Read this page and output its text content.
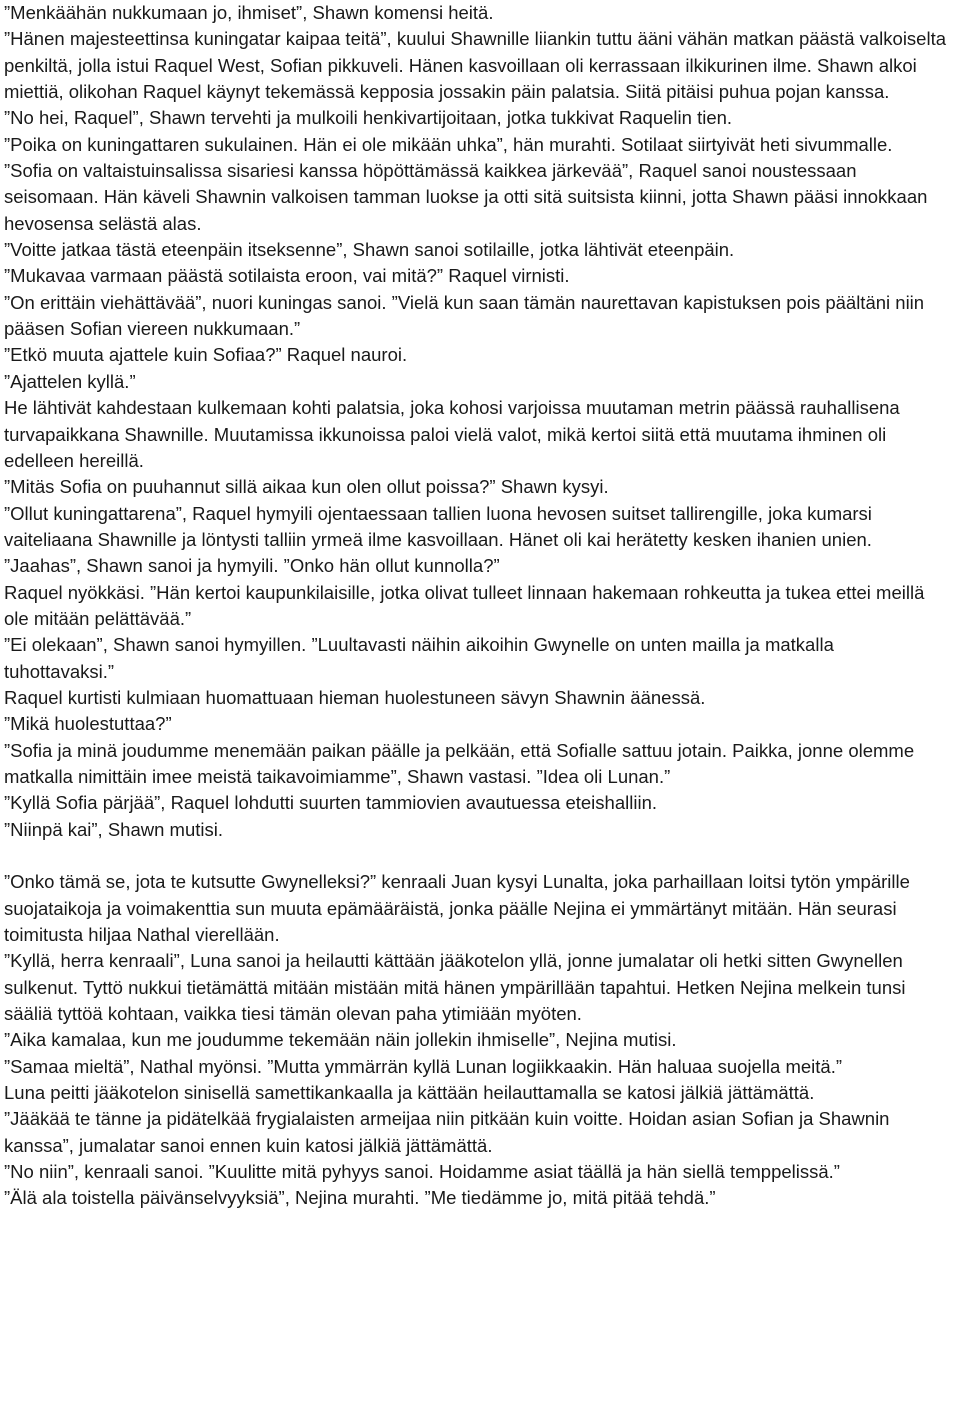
”Menkäähän nukkumaan jo, ihmiset”, Shawn komensi heitä.

”Hänen majesteettinsa kuningatar kaipaa teitä”, kuului Shawnille liiankin tuttu ääni vähän matkan päästä valkoiselta penkiltä, jolla istui Raquel West, Sofian pikkuveli. Hänen kasvoillaan oli kerrassaan ilkikurinen ilme. Shawn alkoi miettiä, olikohan Raquel käynyt tekemässä kepposia jossakin päin palatsia. Siitä pitäisi puhua pojan kanssa.

”No hei, Raquel”, Shawn tervehti ja mulkoili henkivartijoitaan, jotka tukkivat Raquelin tien.

”Poika on kuningattaren sukulainen. Hän ei ole mikään uhka”, hän murahti. Sotilaat siirtyivät heti sivummalle.

”Sofia on valtaistuinsalissa sisariesi kanssa höpöttämässä kaikkea järkevää”, Raquel sanoi noustessaan seisomaan. Hän käveli Shawnin valkoisen tamman luokse ja otti sitä suitsista kiinni, jotta Shawn pääsi innokkaan hevosensa selästä alas.

”Voitte jatkaa tästä eteenpäin itseksenne”, Shawn sanoi sotilaille, jotka lähtivät eteenpäin.

”Mukavaa varmaan päästä sotilaista eroon, vai mitä?” Raquel virnisti.

”On erittäin viehättävää”, nuori kuningas sanoi. ”Vielä kun saan tämän naurettavan kapistuksen pois päältäni niin pääsen Sofian viereen nukkumaan.”

”Etkö muuta ajattele kuin Sofiaa?” Raquel nauroi.

”Ajattelen kyllä.”

He lähtivät kahdestaan kulkemaan kohti palatsia, joka kohosi varjoissa muutaman metrin päässä rauhallisena turvapaikkana Shawnille. Muutamissa ikkunoissa paloi vielä valot, mikä kertoi siitä että muutama ihminen oli edelleen hereillä.

”Mitäs Sofia on puuhannut sillä aikaa kun olen ollut poissa?” Shawn kysyi.

”Ollut kuningattarena”, Raquel hymyili ojentaessaan tallien luona hevosen suitset tallirengille, joka kumarsi vaiteliaana Shawnille ja löntysti talliin yrmeä ilme kasvoillaan. Hänet oli kai herätetty kesken ihanien unien.

”Jaahas”, Shawn sanoi ja hymyili. ”Onko hän ollut kunnolla?”

Raquel nyökkäsi. ”Hän kertoi kaupunkilaisille, jotka olivat tulleet linnaan hakemaan rohkeutta ja tukea ettei meillä ole mitään pelättävää.”

”Ei olekaan”, Shawn sanoi hymyillen. ”Luultavasti näihin aikoihin Gwynelle on unten mailla ja matkalla tuhottavaksi.”

Raquel kurtisti kulmiaan huomattuaan hieman huolestuneen sävyn Shawnin äänessä.

”Mikä huolestuttaa?”

”Sofia ja minä joudumme menemään paikan päälle ja pelkään, että Sofialle sattuu jotain. Paikka, jonne olemme matkalla nimittäin imee meistä taikavoimiamme”, Shawn vastasi. ”Idea oli Lunan.”

”Kyllä Sofia pärjää”, Raquel lohdutti suurten tammiovien avautuessa eteishalliin.

”Niinpä kai”, Shawn mutisi.

”Onko tämä se, jota te kutsutte Gwynelleksi?” kenraali Juan kysyi Lunalta, joka parhaillaan loitsi tytön ympärille suojataikoja ja voimakenttia sun muuta epämääräistä, jonka päälle Nejina ei ymmärtänyt mitään. Hän seurasi toimitusta hiljaa Nathal vierellään.

”Kyllä, herra kenraali”, Luna sanoi ja heilautti kättään jääkotelon yllä, jonne jumalatar oli hetki sitten Gwynellen sulkenut. Tyttö nukkui tietämättä mitään mistään mitä hänen ympärillään tapahtui. Hetken Nejina melkein tunsi sääliä tyttöä kohtaan, vaikka tiesi tämän olevan paha ytimiään myöten.

”Aika kamalaa, kun me joudumme tekemään näin jollekin ihmiselle”, Nejina mutisi.

”Samaa mieltä”, Nathal myönsi. ”Mutta ymmärrän kyllä Lunan logiikkaakin. Hän haluaa suojella meitä.”

Luna peitti jääkotelon sinisellä samettikankaalla ja kättään heilauttamalla se katosi jälkiä jättämättä.

”Jääkää te tänne ja pidätelkää frygialaisten armeijaa niin pitkään kuin voitte. Hoidan asian Sofian ja Shawnin kanssa”, jumalatar sanoi ennen kuin katosi jälkiä jättämättä.

”No niin”, kenraali sanoi. ”Kuulitte mitä pyhyys sanoi. Hoidamme asiat täällä ja hän siellä temppelissä.”

”Älä ala toistella päivänselvyyksiä”, Nejina murahti. ”Me tiedämme jo, mitä pitää tehdä.”
